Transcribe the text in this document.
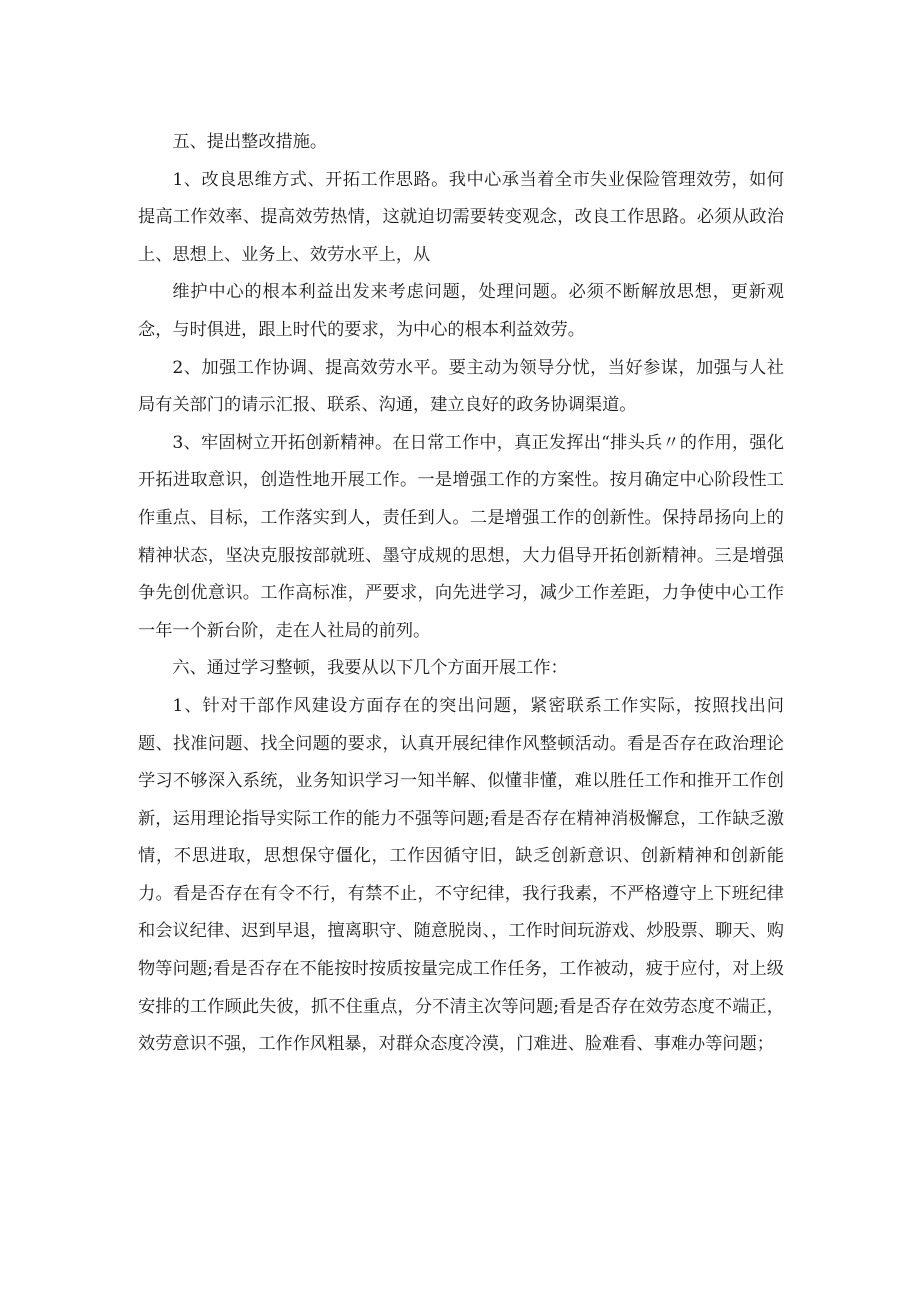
五、提出整改措施。

1、改良思维方式、开拓工作思路。我中心承当着全市失业保险管理效劳，如何提高工作效率、提高效劳热情，这就迫切需要转变观念，改良工作思路。必须从政治上、思想上、业务上、效劳水平上，从

维护中心的根本利益出发来考虑问题，处理问题。必须不断解放思想，更新观念，与时俱进，跟上时代的要求，为中心的根本利益效劳。

2、加强工作协调、提高效劳水平。要主动为领导分忧，当好参谋，加强与人社局有关部门的请示汇报、联系、沟通，建立良好的政务协调渠道。

3、牢固树立开拓创新精神。在日常工作中，真正发挥出“排头兵〃的作用，强化开拓进取意识，创造性地开展工作。一是增强工作的方案性。按月确定中心阶段性工作重点、目标，工作落实到人，责任到人。二是增强工作的创新性。保持昂扬向上的精神状态，坚决克服按部就班、墨守成规的思想，大力倡导开拓创新精神。三是增强争先创优意识。工作高标准，严要求，向先进学习，减少工作差距，力争使中心工作一年一个新台阶，走在人社局的前列。

六、通过学习整顿，我要从以下几个方面开展工作：

1、针对干部作风建设方面存在的突出问题，紧密联系工作实际，按照找出问题、找准问题、找全问题的要求，认真开展纪律作风整顿活动。看是否存在政治理论学习不够深入系统，业务知识学习一知半解、似懂非懂，难以胜任工作和推开工作创新，运用理论指导实际工作的能力不强等问题;看是否存在精神消极懈怠，工作缺乏激情，不思进取，思想保守僵化，工作因循守旧，缺乏创新意识、创新精神和创新能力。看是否存在有令不行，有禁不止，不守纪律，我行我素，不严格遵守上下班纪律和会议纪律、迟到早退，擅离职守、随意脱岗、，工作时间玩游戏、炒股票、聊天、购物等问题;看是否存在不能按时按质按量完成工作任务，工作被动，疲于应付，对上级安排的工作顾此失彼，抓不住重点，分不清主次等问题;看是否存在效劳态度不端正，效劳意识不强，工作作风粗暴，对群众态度冷漠，门难进、脸难看、事难办等问题；
